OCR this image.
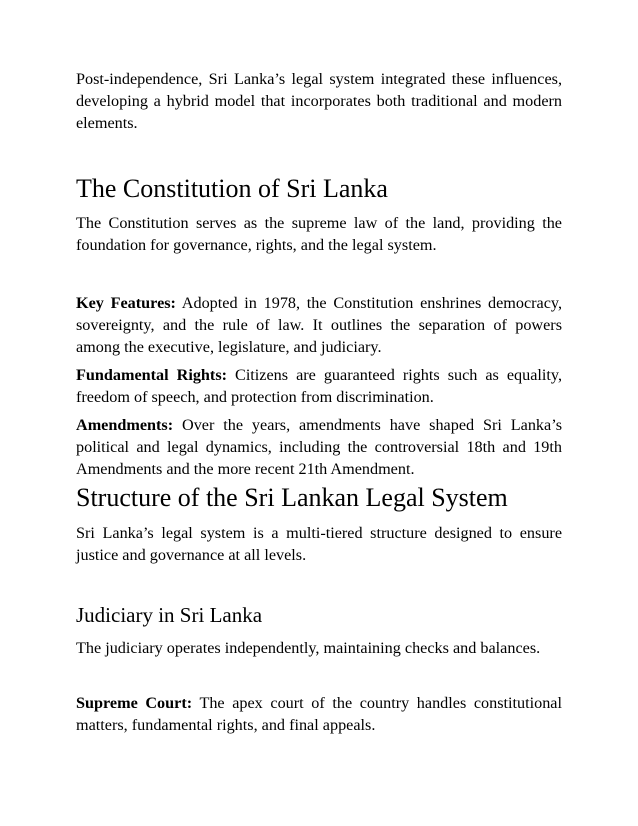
Post-independence, Sri Lanka’s legal system integrated these influences, developing a hybrid model that incorporates both traditional and modern elements.

The Constitution of Sri Lanka

The Constitution serves as the supreme law of the land, providing the foundation for governance, rights, and the legal system.

Key Features: Adopted in 1978, the Constitution enshrines democracy, sovereignty, and the rule of law. It outlines the separation of powers among the executive, legislature, and judiciary.

Fundamental Rights: Citizens are guaranteed rights such as equality, freedom of speech, and protection from discrimination.

Amendments: Over the years, amendments have shaped Sri Lanka’s political and legal dynamics, including the controversial 18th and 19th Amendments and the more recent 21th Amendment.

Structure of the Sri Lankan Legal System

Sri Lanka’s legal system is a multi-tiered structure designed to ensure justice and governance at all levels.

Judiciary in Sri Lanka

The judiciary operates independently, maintaining checks and balances.

Supreme Court: The apex court of the country handles constitutional matters, fundamental rights, and final appeals.
